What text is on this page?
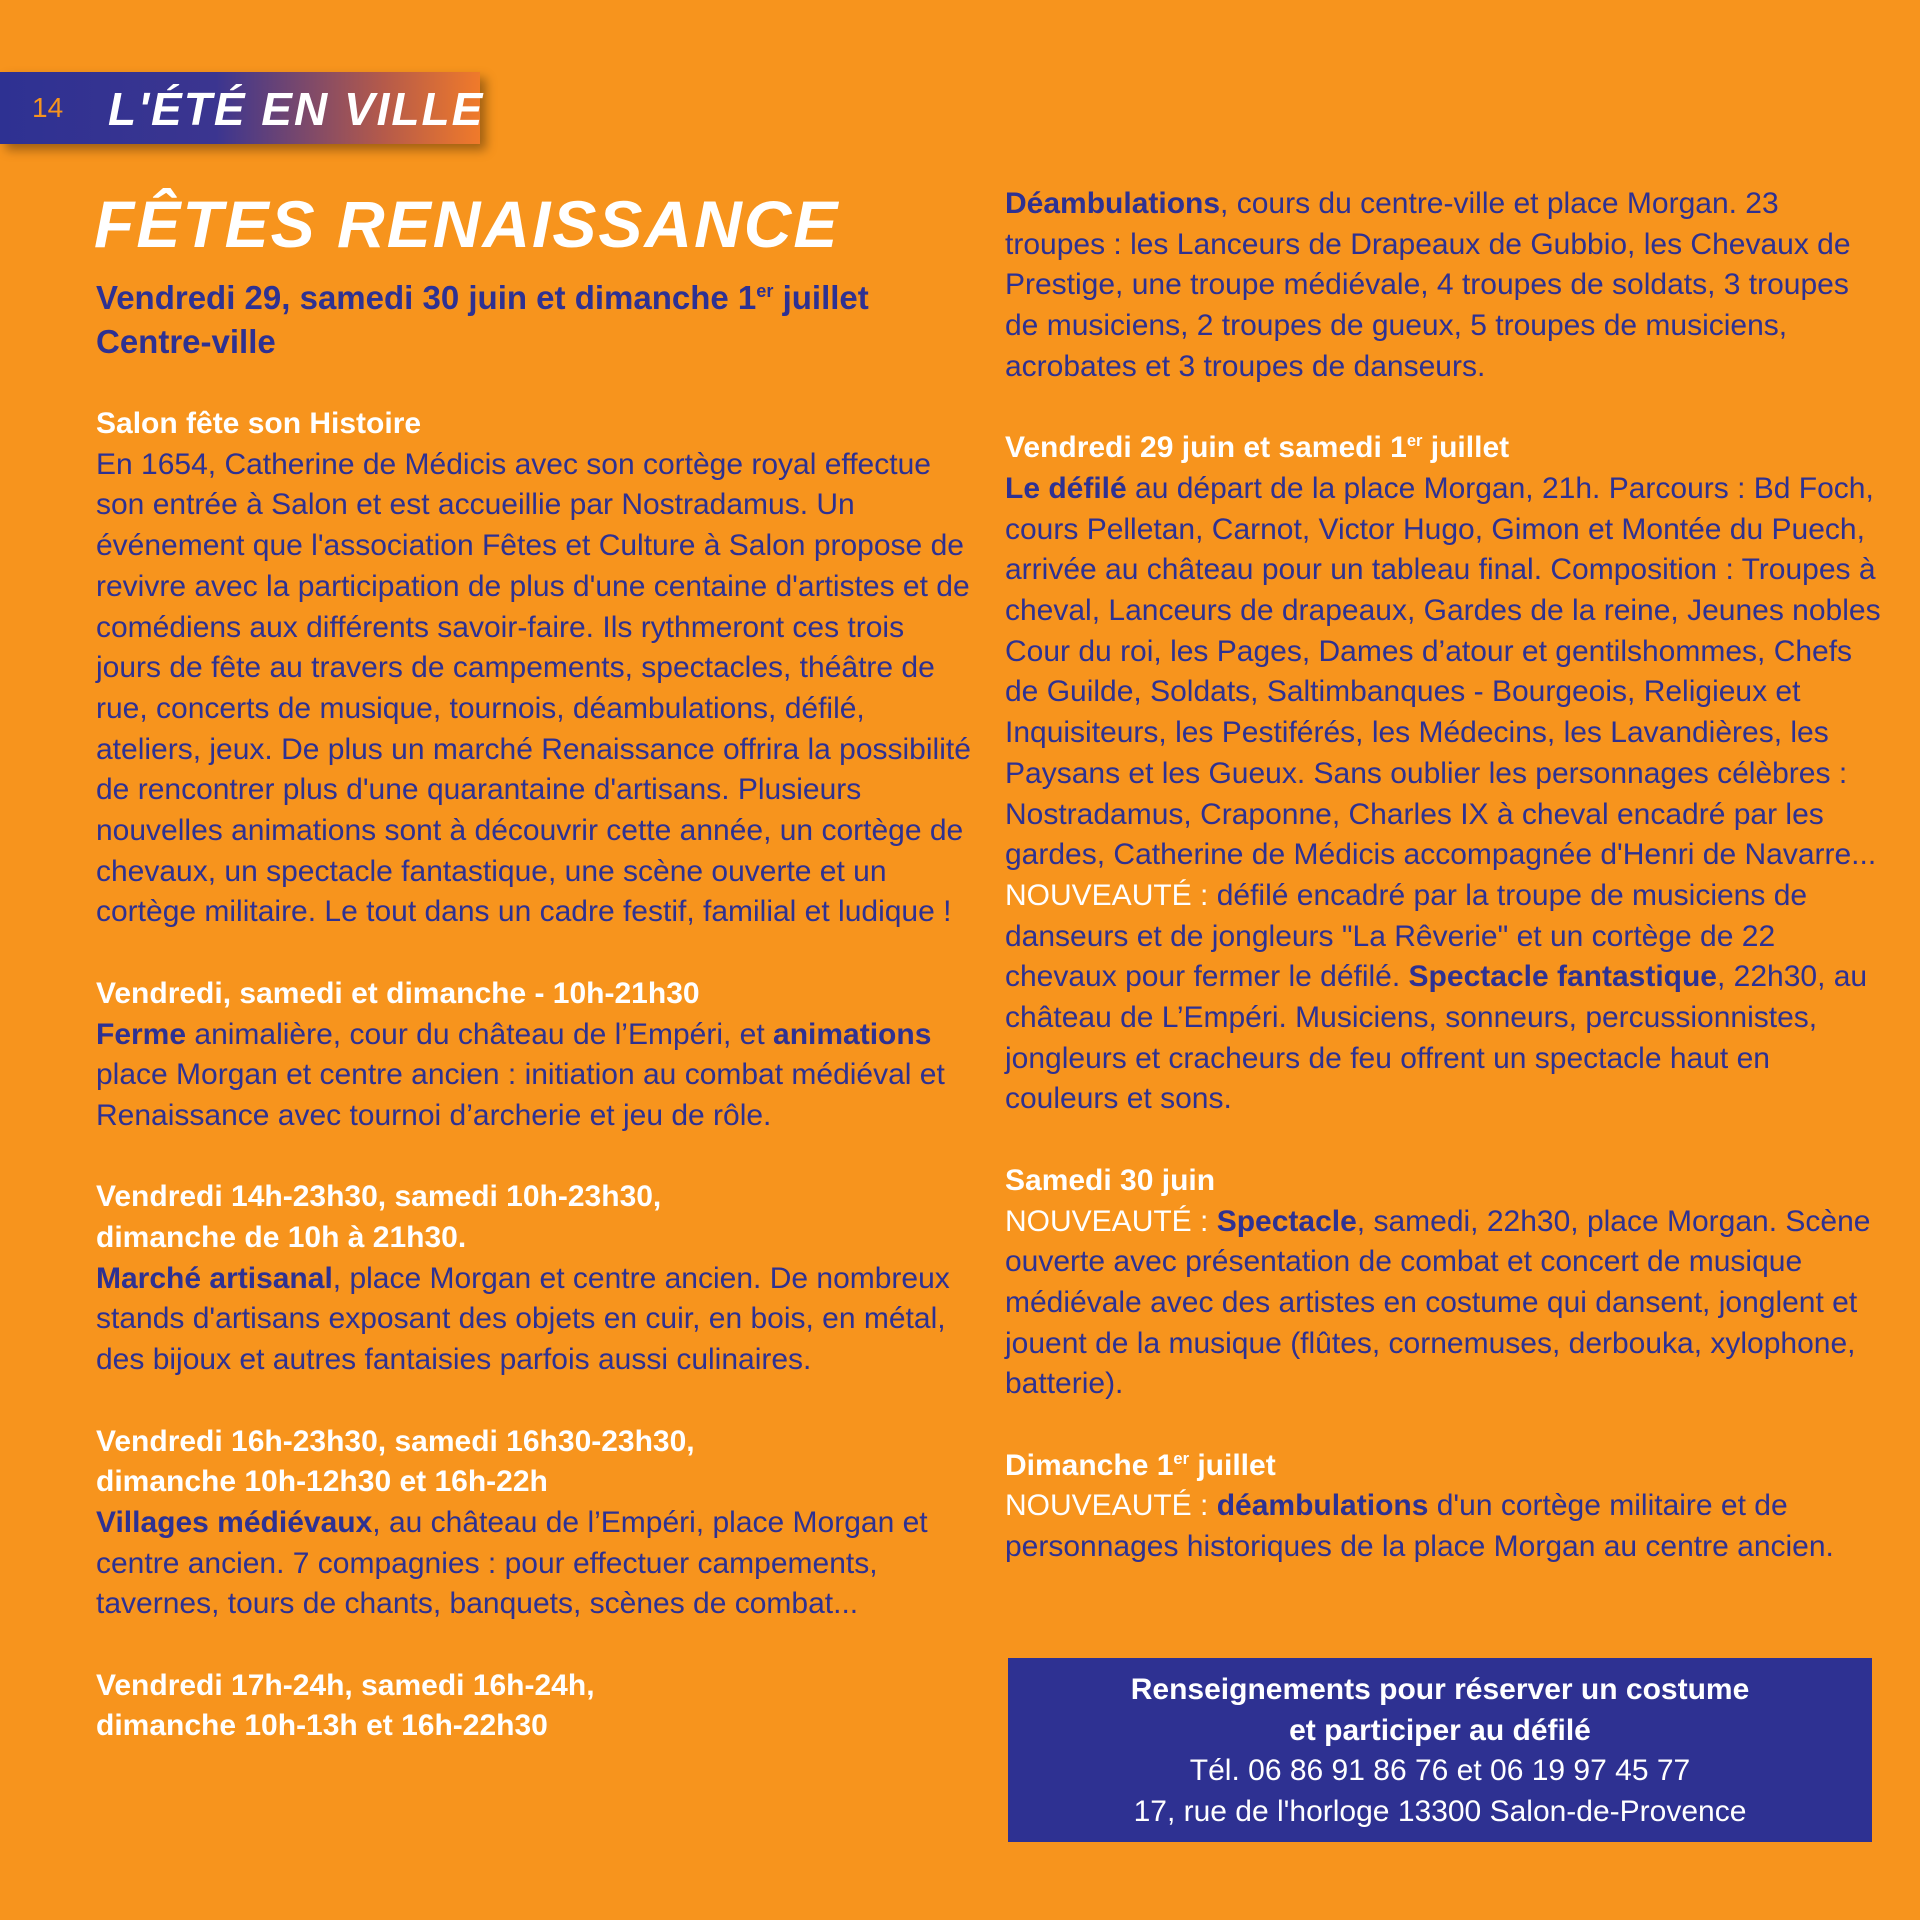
14 L'ÉTÉ EN VILLE
FÊTES RENAISSANCE
Vendredi 29, samedi 30 juin et dimanche 1er juillet
Centre-ville

Salon fête son Histoire
En 1654, Catherine de Médicis avec son cortège royal effectue son entrée à Salon et est accueillie par Nostradamus. Un événement que l'association Fêtes et Culture à Salon propose de revivre avec la participation de plus d'une centaine d'artistes et de comédiens aux différents savoir-faire. Ils rythmeront ces trois jours de fête au travers de campements, spectacles, théâtre de rue, concerts de musique, tournois, déambulations, défilé, ateliers, jeux. De plus un marché Renaissance offrira la possibilité de rencontrer plus d'une quarantaine d'artisans. Plusieurs nouvelles animations sont à découvrir cette année, un cortège de chevaux, un spectacle fantastique, une scène ouverte et un cortège militaire. Le tout dans un cadre festif, familial et ludique !

Vendredi, samedi et dimanche - 10h-21h30
Ferme animalière, cour du château de l’Empéri, et animations place Morgan et centre ancien : initiation au combat médiéval et Renaissance avec tournoi d’archerie et jeu de rôle.

Vendredi 14h-23h30, samedi 10h-23h30,
dimanche de 10h à 21h30.
Marché artisanal, place Morgan et centre ancien. De nombreux stands d'artisans exposant des objets en cuir, en bois, en métal, des bijoux et autres fantaisies parfois aussi culinaires.

Vendredi 16h-23h30, samedi 16h30-23h30,
dimanche 10h-12h30 et 16h-22h
Villages médiévaux, au château de l’Empéri, place Morgan et centre ancien. 7 compagnies : pour effectuer campements, tavernes, tours de chants, banquets, scènes de combat...

Vendredi 17h-24h, samedi 16h-24h,
dimanche 10h-13h et 16h-22h30

Déambulations, cours du centre-ville et place Morgan. 23 troupes : les Lanceurs de Drapeaux de Gubbio, les Chevaux de Prestige, une troupe médiévale, 4 troupes de soldats, 3 troupes de musiciens, 2 troupes de gueux, 5 troupes de musiciens, acrobates et 3 troupes de danseurs.

Vendredi 29 juin et samedi 1er juillet
Le défilé au départ de la place Morgan, 21h. Parcours : Bd Foch, cours Pelletan, Carnot, Victor Hugo, Gimon et Montée du Puech, arrivée au château pour un tableau final. Composition : Troupes à cheval, Lanceurs de drapeaux, Gardes de la reine, Jeunes nobles Cour du roi, les Pages, Dames d’atour et gentilshommes, Chefs de Guilde, Soldats, Saltimbanques - Bourgeois, Religieux et Inquisiteurs, les Pestiférés, les Médecins, les Lavandières, les Paysans et les Gueux. Sans oublier les personnages célèbres : Nostradamus, Craponne, Charles IX à cheval encadré par les gardes, Catherine de Médicis accompagnée d'Henri de Navarre... NOUVEAUTÉ : défilé encadré par la troupe de musiciens de danseurs et de jongleurs "La Rêverie" et un cortège de 22 chevaux pour fermer le défilé. Spectacle fantastique, 22h30, au château de L’Empéri. Musiciens, sonneurs, percussionnistes, jongleurs et cracheurs de feu offrent un spectacle haut en couleurs et sons.

Samedi 30 juin
NOUVEAUTÉ : Spectacle, samedi, 22h30, place Morgan. Scène ouverte avec présentation de combat et concert de musique médiévale avec des artistes en costume qui dansent, jonglent et jouent de la musique (flûtes, cornemuses, derbouka, xylophone, batterie).

Dimanche 1er juillet
NOUVEAUTÉ : déambulations d'un cortège militaire et de personnages historiques de la place Morgan au centre ancien.

Renseignements pour réserver un costume
et participer au défilé
Tél. 06 86 91 86 76 et 06 19 97 45 77
17, rue de l'horloge 13300 Salon-de-Provence
